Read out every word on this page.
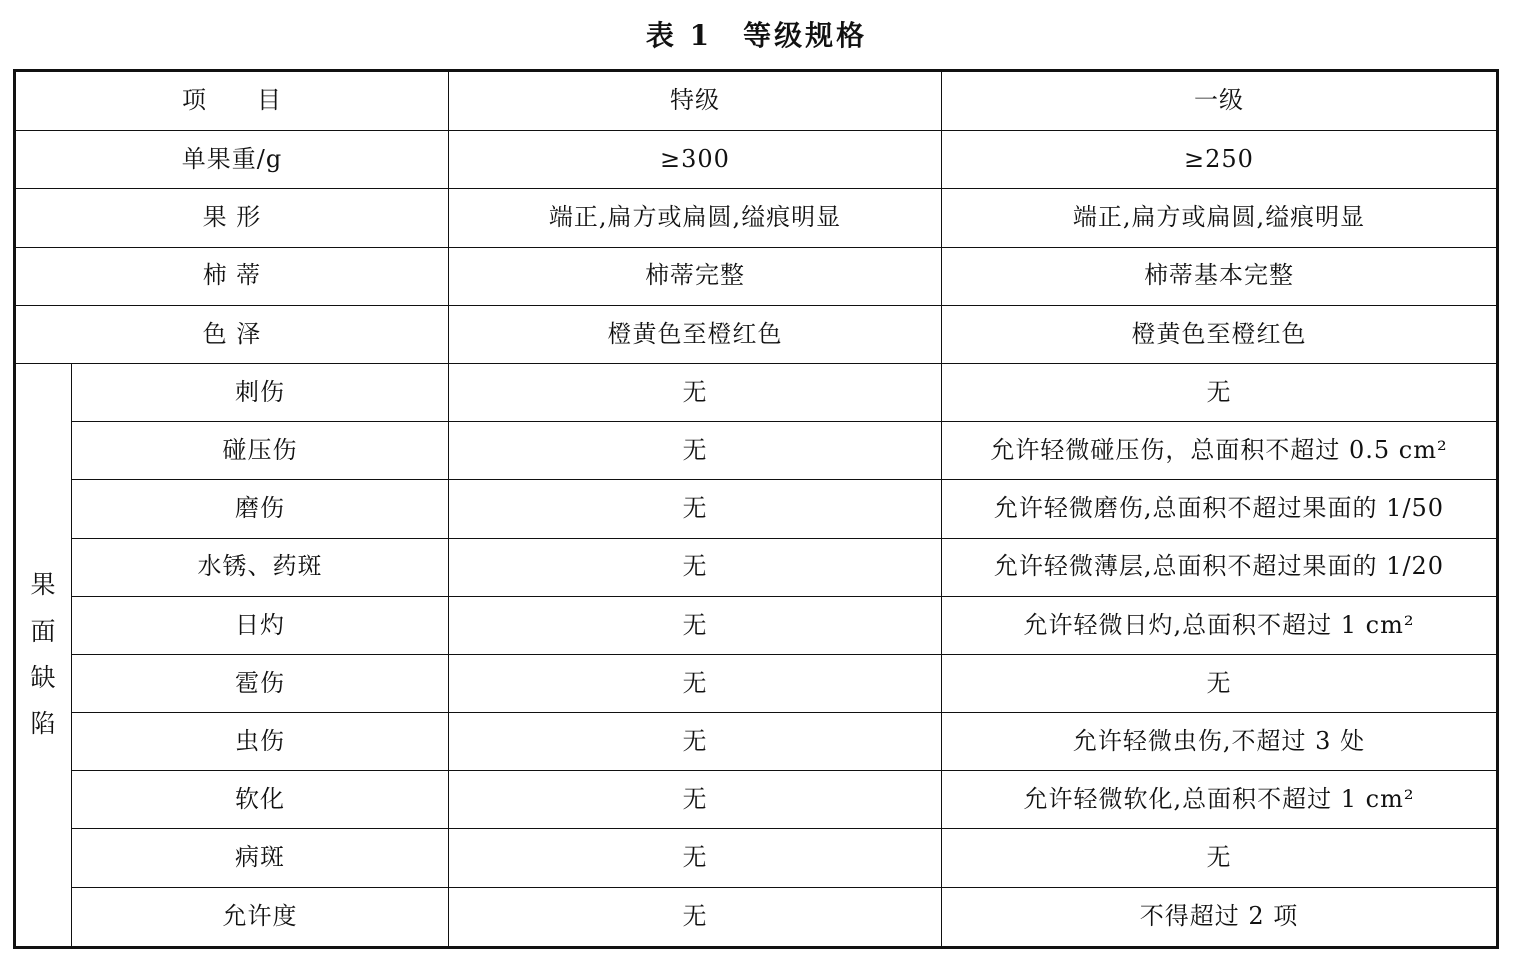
表 1　等级规格
项　　目		特级	一级
单果重/g		≥300	≥250
果 形		端正,扁方或扁圆,缢痕明显	端正,扁方或扁圆,缢痕明显
柿 蒂		柿蒂完整	柿蒂基本完整
色 泽		橙黄色至橙红色	橙黄色至橙红色
果面缺陷	刺伤	无	无
	碰压伤	无	允许轻微碰压伤，总面积不超过 0.5 cm²
	磨伤	无	允许轻微磨伤,总面积不超过果面的 1/50
	水锈、药斑	无	允许轻微薄层,总面积不超过果面的 1/20
	日灼	无	允许轻微日灼,总面积不超过 1 cm²
	雹伤	无	无
	虫伤	无	允许轻微虫伤,不超过 3 处
	软化	无	允许轻微软化,总面积不超过 1 cm²
	病斑	无	无
	允许度	无	不得超过 2 项
